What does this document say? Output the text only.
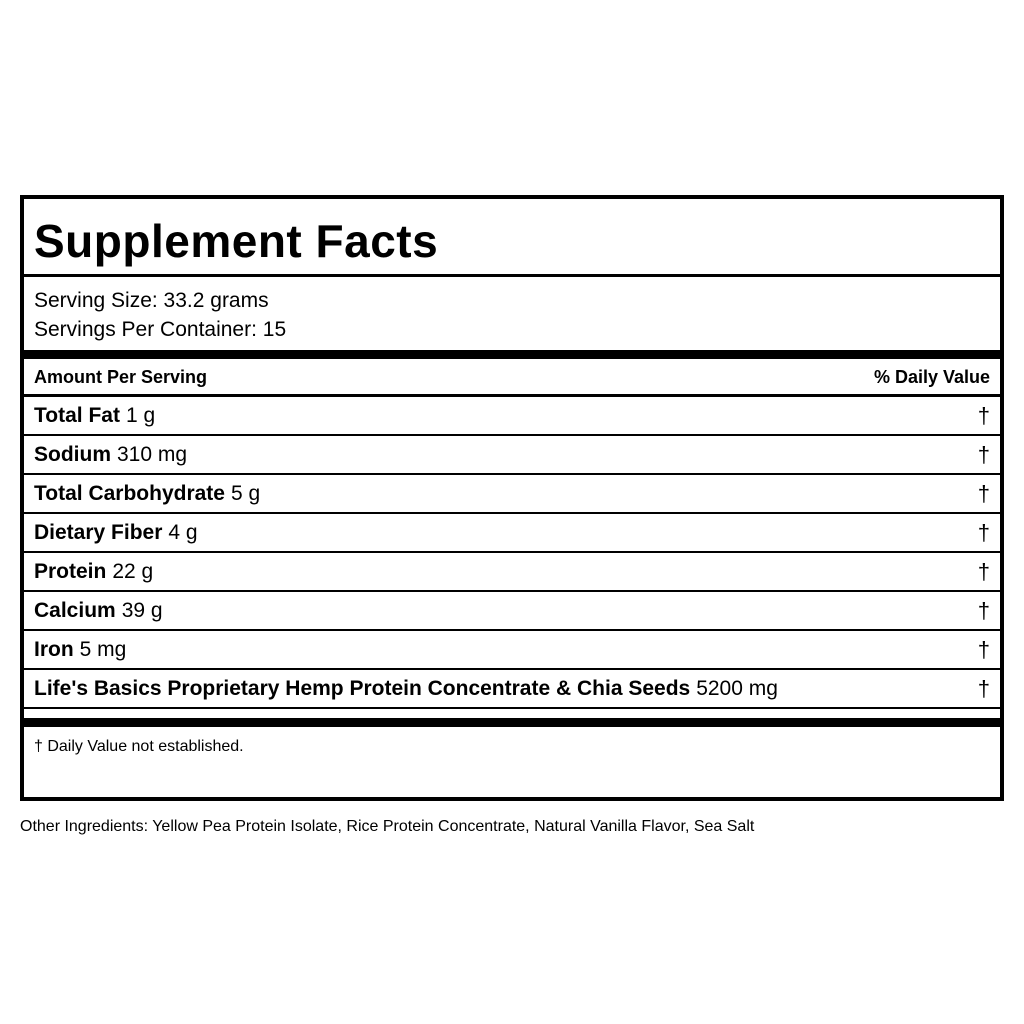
Supplement Facts
Serving Size: 33.2 grams
Servings Per Container: 15
Amount Per Serving	% Daily Value
Total Fat 1 g	†
Sodium 310 mg	†
Total Carbohydrate 5 g	†
Dietary Fiber 4 g	†
Protein 22 g	†
Calcium 39 g	†
Iron 5 mg	†
Life's Basics Proprietary Hemp Protein Concentrate & Chia Seeds 5200 mg	†
† Daily Value not established.
Other Ingredients: Yellow Pea Protein Isolate, Rice Protein Concentrate, Natural Vanilla Flavor, Sea Salt
